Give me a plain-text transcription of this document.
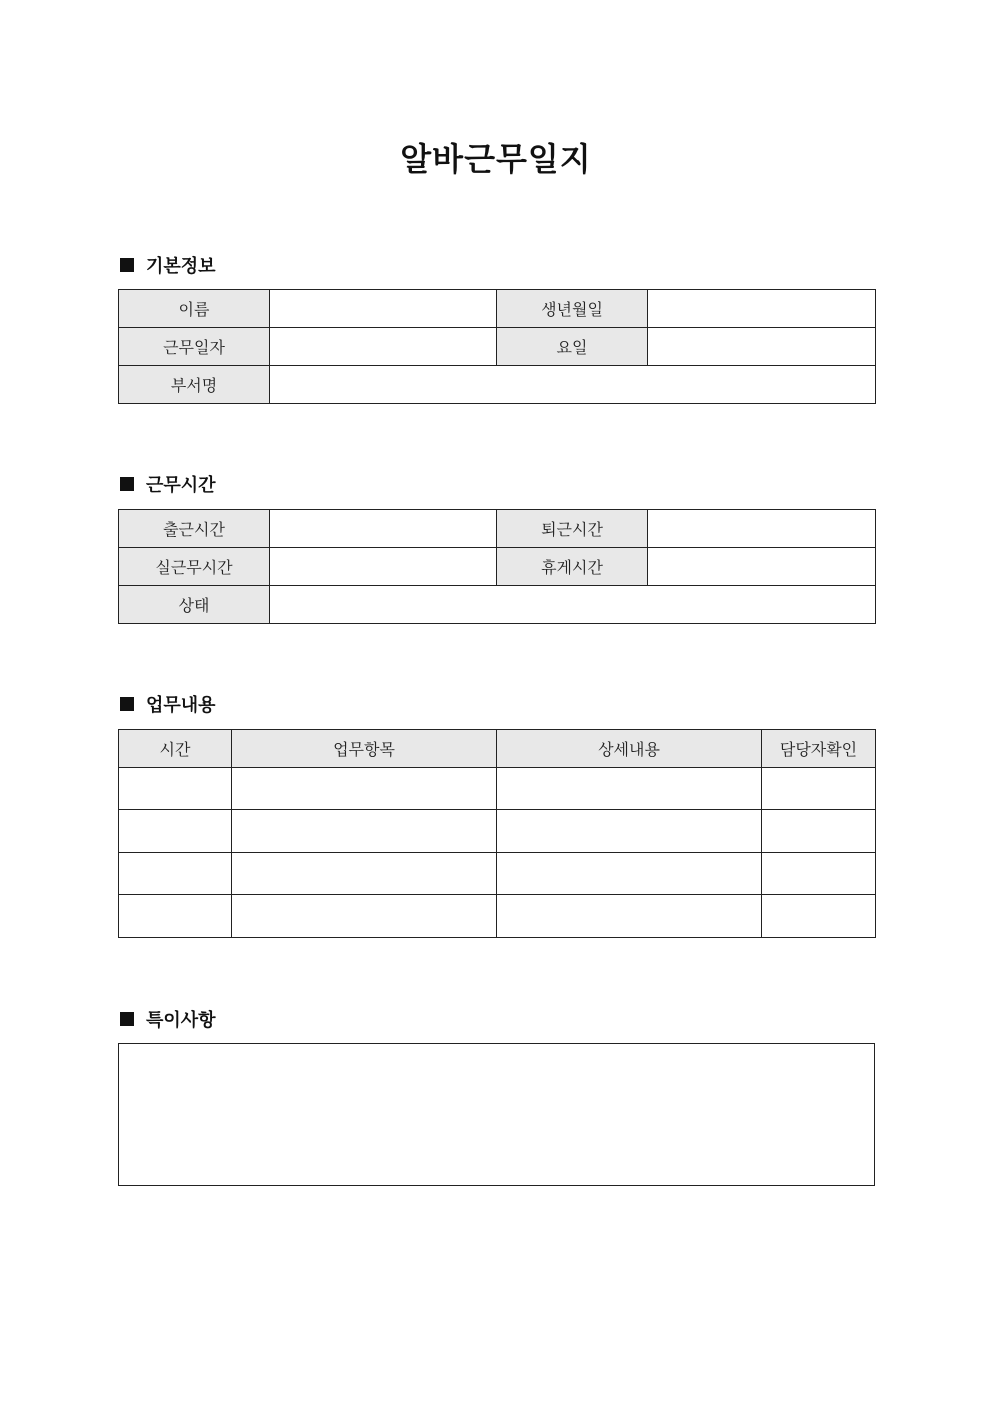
알바근무일지
기본정보
이름		생년월일	
근무일자		요일	
부서명			
근무시간
출근시간		퇴근시간	
실근무시간		휴게시간	
상태			
업무내용
시간	업무항목	상세내용	담당자확인

특이사항
